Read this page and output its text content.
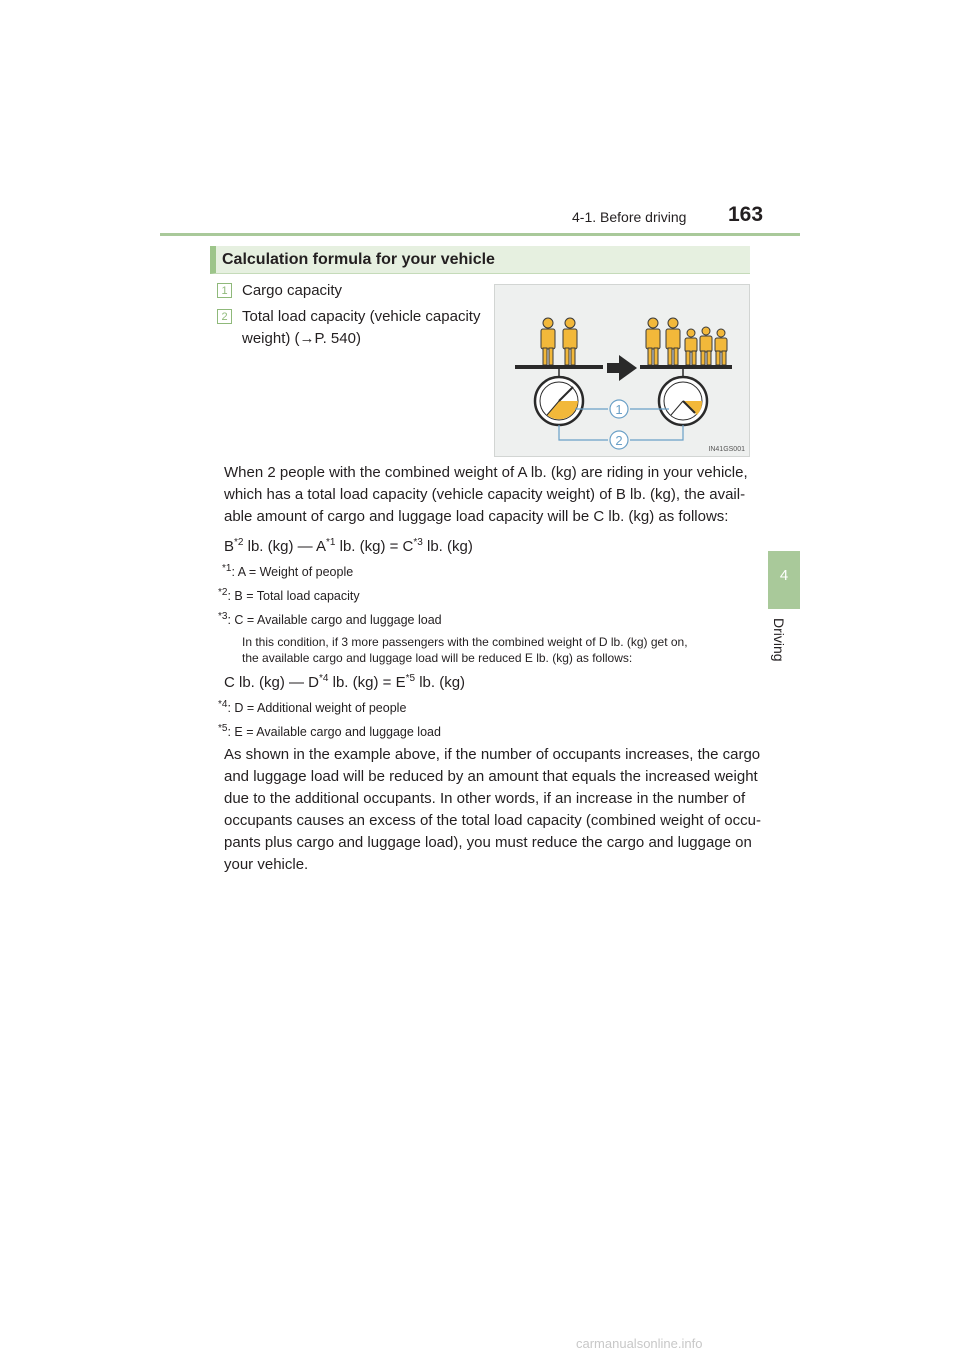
4-1. Before driving 163
4
Driving
Calculation formula for your vehicle
1 Cargo capacity
2 Total load capacity (vehicle capacity
weight) (→P. 540)
1
2
IN41GS001
When 2 people with the combined weight of A lb. (kg) are riding in your vehicle,
which has a total load capacity (vehicle capacity weight) of B lb. (kg), the avail-
able amount of cargo and luggage load capacity will be C lb. (kg) as follows:
$B^{*2}$ lb. (kg) — $A^{*1}$ lb. $(kg) = C^{*3}$ lb. (kg)
$^{*1}$: A = Weight of people
$^{*2}$: B = Total load capacity
$^{*3}$: C = Available cargo and luggage load
In this condition, if 3 more passengers with the combined weight of D lb. (kg) get on,
the available cargo and luggage load will be reduced E lb. (kg) as follows:
C lb. (kg) — $D^{*4}$ lb. $(kg) = E^{*5}$ lb. (kg)
$^{*4}$: D = Additional weight of people
$^{*5}$: E = Available cargo and luggage load
As shown in the example above, if the number of occupants increases, the cargo
and luggage load will be reduced by an amount that equals the increased weight
due to the additional occupants. In other words, if an increase in the number of
occupants causes an excess of the total load capacity (combined weight of occu-
pants plus cargo and luggage load), you must reduce the cargo and luggage on
your vehicle.
carmanualsonline.info
